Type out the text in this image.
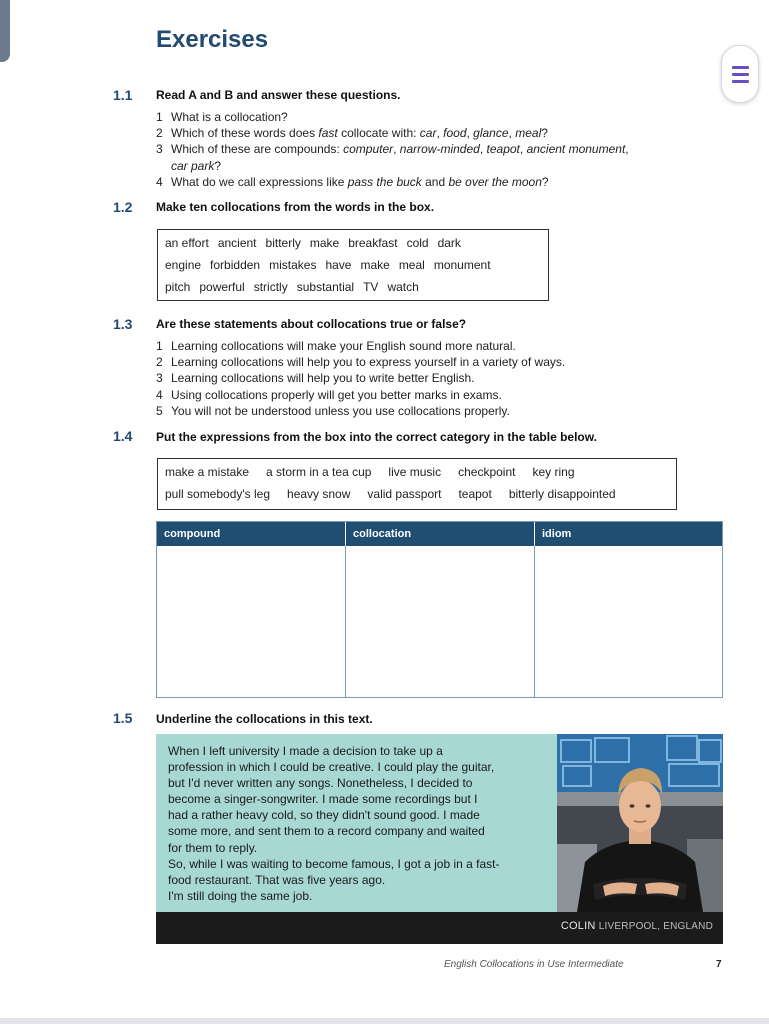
Exercises
1.1 Read A and B and answer these questions.
1 What is a collocation?
2 Which of these words does fast collocate with: car, food, glance, meal?
3 Which of these are compounds: computer, narrow-minded, teapot, ancient monument,
car park?
4 What do we call expressions like pass the buck and be over the moon?
1.2 Make ten collocations from the words in the box.
an effort ancient bitterly make breakfast cold dark
engine forbidden mistakes have make meal monument
pitch powerful strictly substantial TV watch
1.3 Are these statements about collocations true or false?
1 Learning collocations will make your English sound more natural.
2 Learning collocations will help you to express yourself in a variety of ways.
3 Learning collocations will help you to write better English.
4 Using collocations properly will get you better marks in exams.
5 You will not be understood unless you use collocations properly.
1.4 Put the expressions from the box into the correct category in the table below.
make a mistake a storm in a tea cup live music checkpoint key ring
pull somebody's leg heavy snow valid passport teapot bitterly disappointed
compound	collocation	idiom
1.5 Underline the collocations in this text.

When I left university I made a decision to take up a
profession in which I could be creative. I could play the guitar,
but I'd never written any songs. Nonetheless, I decided to
become a singer-songwriter. I made some recordings but I
had a rather heavy cold, so they didn't sound good. I made
some more, and sent them to a record company and waited
for them to reply.
So, while I was waiting to become famous, I got a job in a fast-
food restaurant. That was five years ago.
I'm still doing the same job.

COLIN LIVERPOOL, ENGLAND
English Collocations in Use Intermediate	7
